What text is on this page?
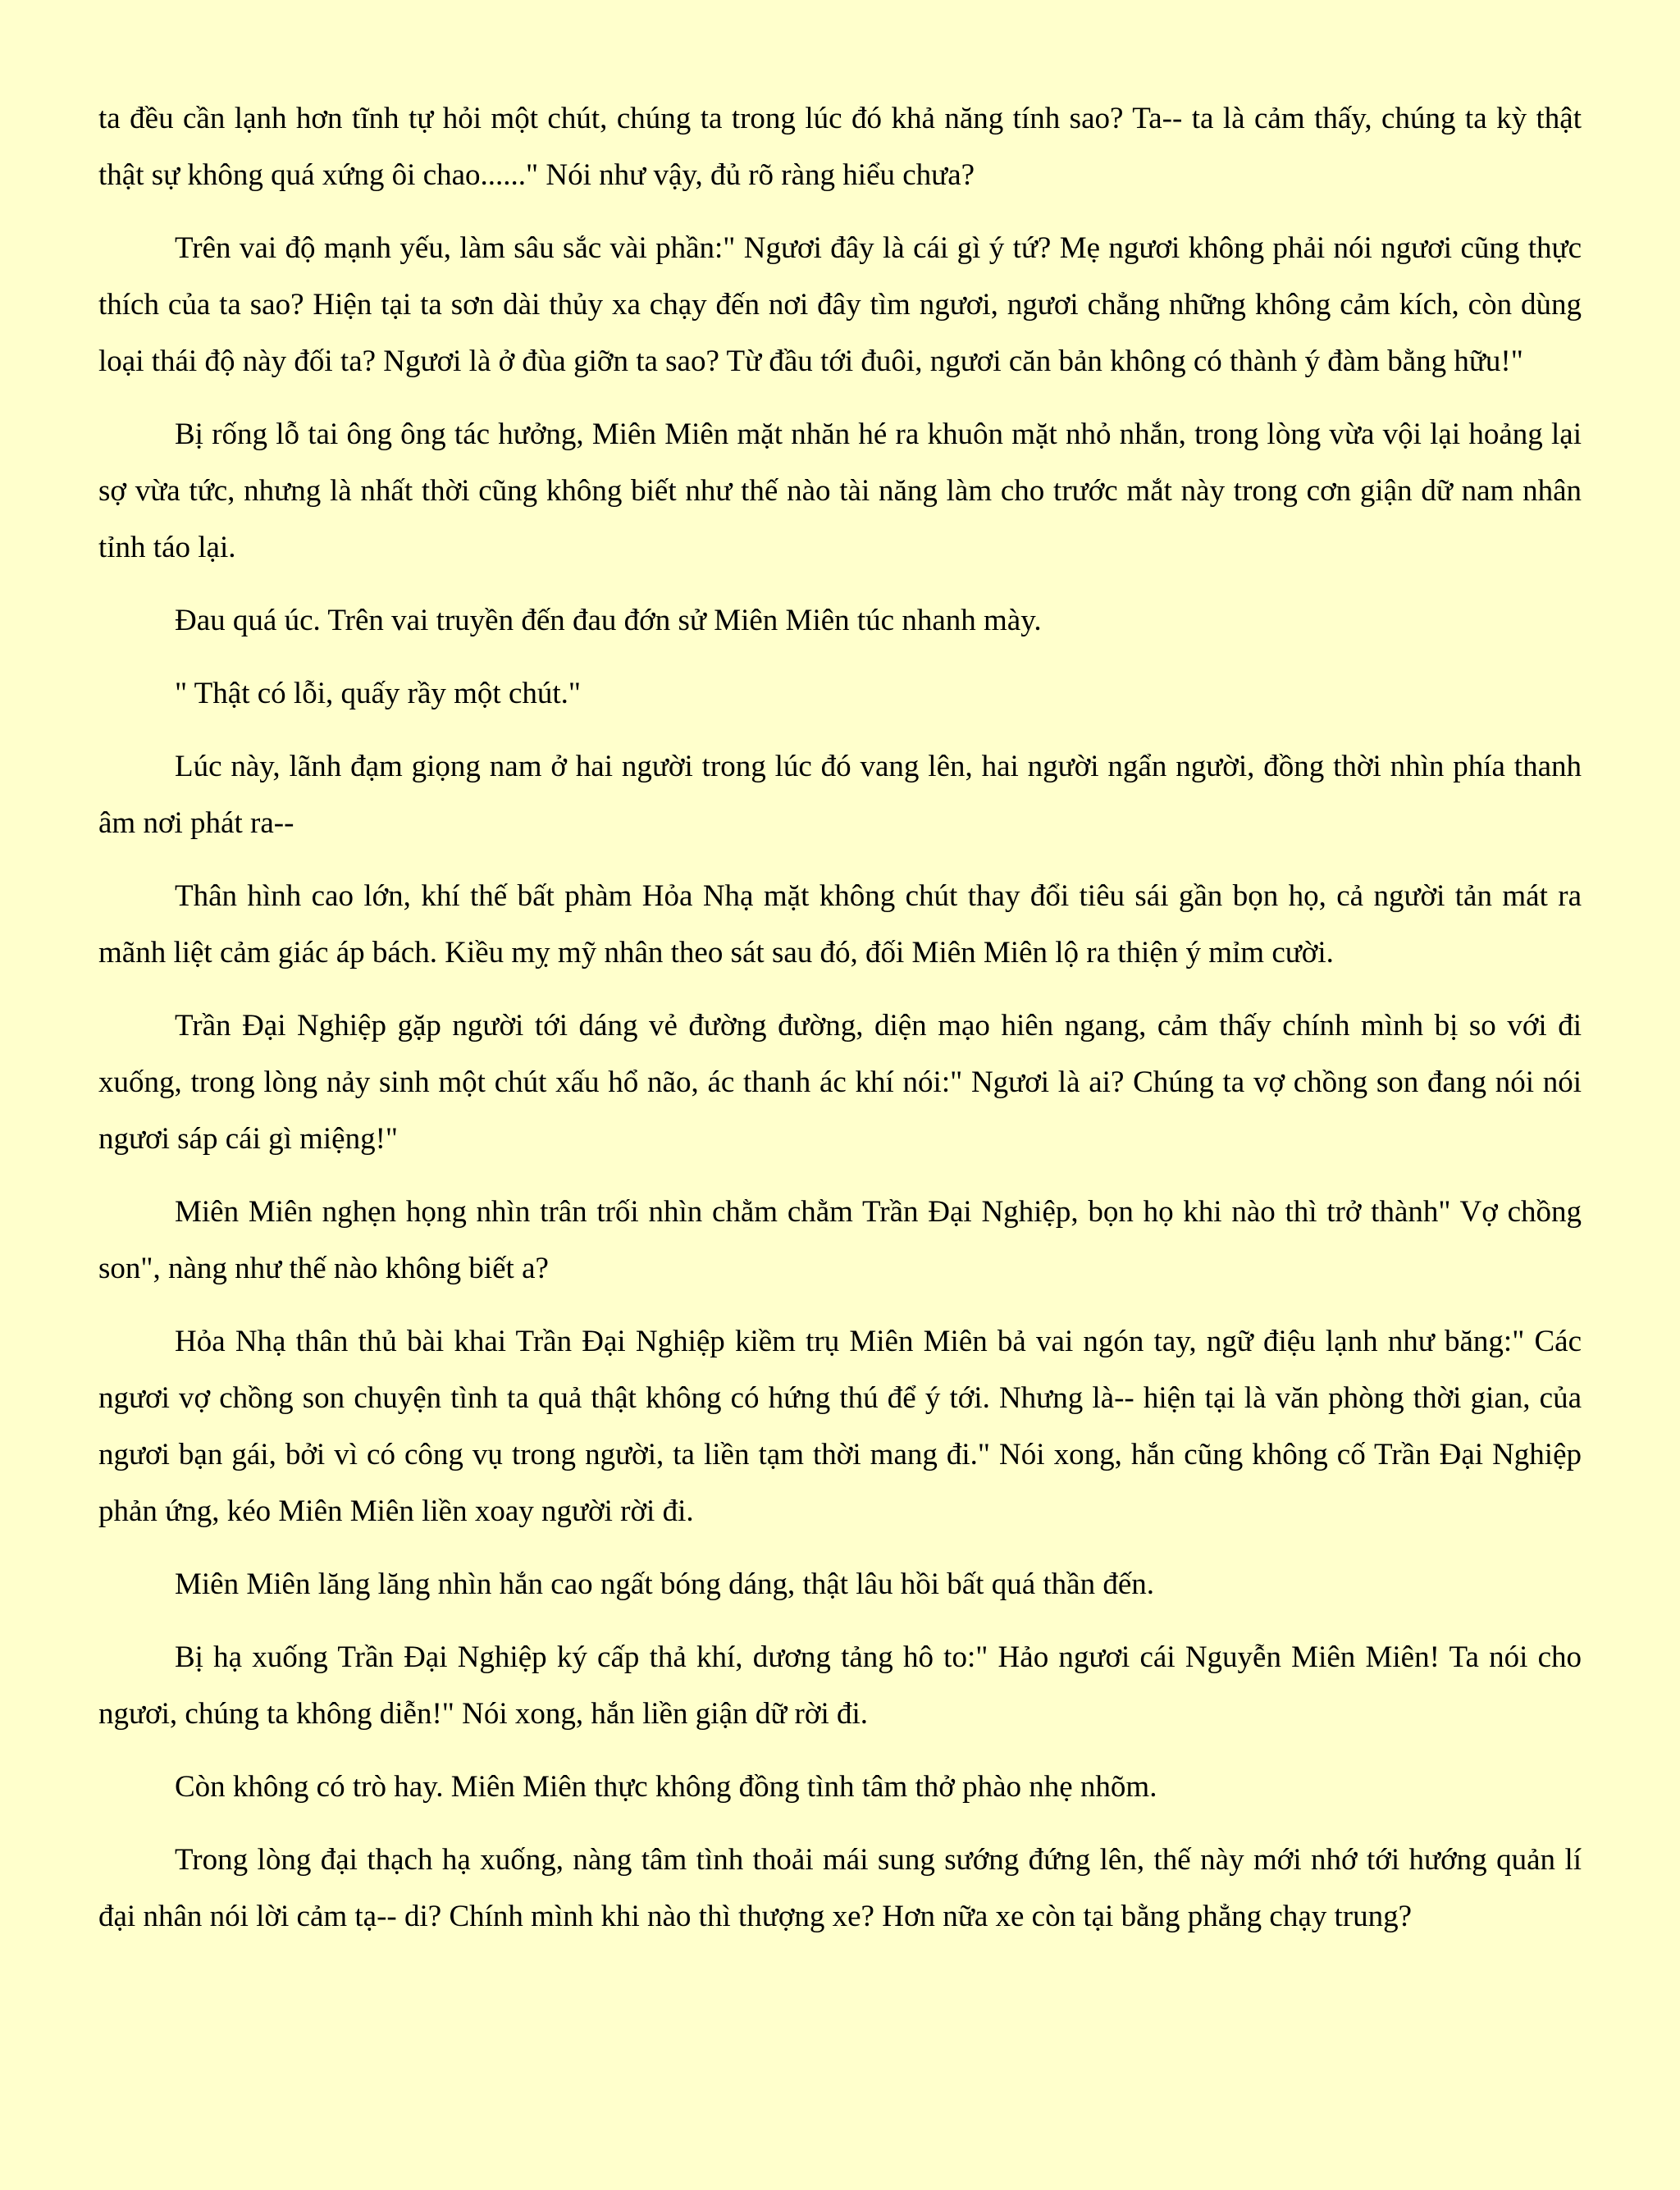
ta đều cần lạnh hơn tĩnh tự hỏi một chút, chúng ta trong lúc đó khả năng tính sao? Ta-- ta là cảm thấy, chúng ta kỳ thật thật sự không quá xứng ôi chao......" Nói như vậy, đủ rõ ràng hiểu chưa?

Trên vai độ mạnh yếu, làm sâu sắc vài phần:" Ngươi đây là cái gì ý tứ? Mẹ ngươi không phải nói ngươi cũng thực thích của ta sao? Hiện tại ta sơn dài thủy xa chạy đến nơi đây tìm ngươi, ngươi chẳng những không cảm kích, còn dùng loại thái độ này đối ta? Ngươi là ở đùa giỡn ta sao? Từ đầu tới đuôi, ngươi căn bản không có thành ý đàm bằng hữu!"

Bị rống lỗ tai ông ông tác hưởng, Miên Miên mặt nhăn hé ra khuôn mặt nhỏ nhắn, trong lòng vừa vội lại hoảng lại sợ vừa tức, nhưng là nhất thời cũng không biết như thế nào tài năng làm cho trước mắt này trong cơn giận dữ nam nhân tỉnh táo lại.

Đau quá úc. Trên vai truyền đến đau đớn sử Miên Miên túc nhanh mày.

" Thật có lỗi, quấy rầy một chút."

Lúc này, lãnh đạm giọng nam ở hai người trong lúc đó vang lên, hai người ngẩn người, đồng thời nhìn phía thanh âm nơi phát ra--

Thân hình cao lớn, khí thế bất phàm Hỏa Nhạ mặt không chút thay đổi tiêu sái gần bọn họ, cả người tản mát ra mãnh liệt cảm giác áp bách. Kiều mỵ mỹ nhân theo sát sau đó, đối Miên Miên lộ ra thiện ý mỉm cười.

Trần Đại Nghiệp gặp người tới dáng vẻ đường đường, diện mạo hiên ngang, cảm thấy chính mình bị so với đi xuống, trong lòng nảy sinh một chút xấu hổ não, ác thanh ác khí nói:" Ngươi là ai? Chúng ta vợ chồng son đang nói nói ngươi sáp cái gì miệng!"

Miên Miên nghẹn họng nhìn trân trối nhìn chằm chằm Trần Đại Nghiệp, bọn họ khi nào thì trở thành" Vợ chồng son", nàng như thế nào không biết a?

Hỏa Nhạ thân thủ bài khai Trần Đại Nghiệp kiềm trụ Miên Miên bả vai ngón tay, ngữ điệu lạnh như băng:" Các ngươi vợ chồng son chuyện tình ta quả thật không có hứng thú để ý tới. Nhưng là-- hiện tại là văn phòng thời gian, của ngươi bạn gái, bởi vì có công vụ trong người, ta liền tạm thời mang đi." Nói xong, hắn cũng không cố Trần Đại Nghiệp phản ứng, kéo Miên Miên liền xoay người rời đi.

Miên Miên lăng lăng nhìn hắn cao ngất bóng dáng, thật lâu hồi bất quá thần đến.

Bị hạ xuống Trần Đại Nghiệp ký cấp thả khí, dương tảng hô to:" Hảo ngươi cái Nguyễn Miên Miên! Ta nói cho ngươi, chúng ta không diễn!" Nói xong, hắn liền giận dữ rời đi.

Còn không có trò hay. Miên Miên thực không đồng tình tâm thở phào nhẹ nhõm.

Trong lòng đại thạch hạ xuống, nàng tâm tình thoải mái sung sướng đứng lên, thế này mới nhớ tới hướng quản lí đại nhân nói lời cảm tạ-- di? Chính mình khi nào thì thượng xe? Hơn nữa xe còn tại bằng phẳng chạy trung?
